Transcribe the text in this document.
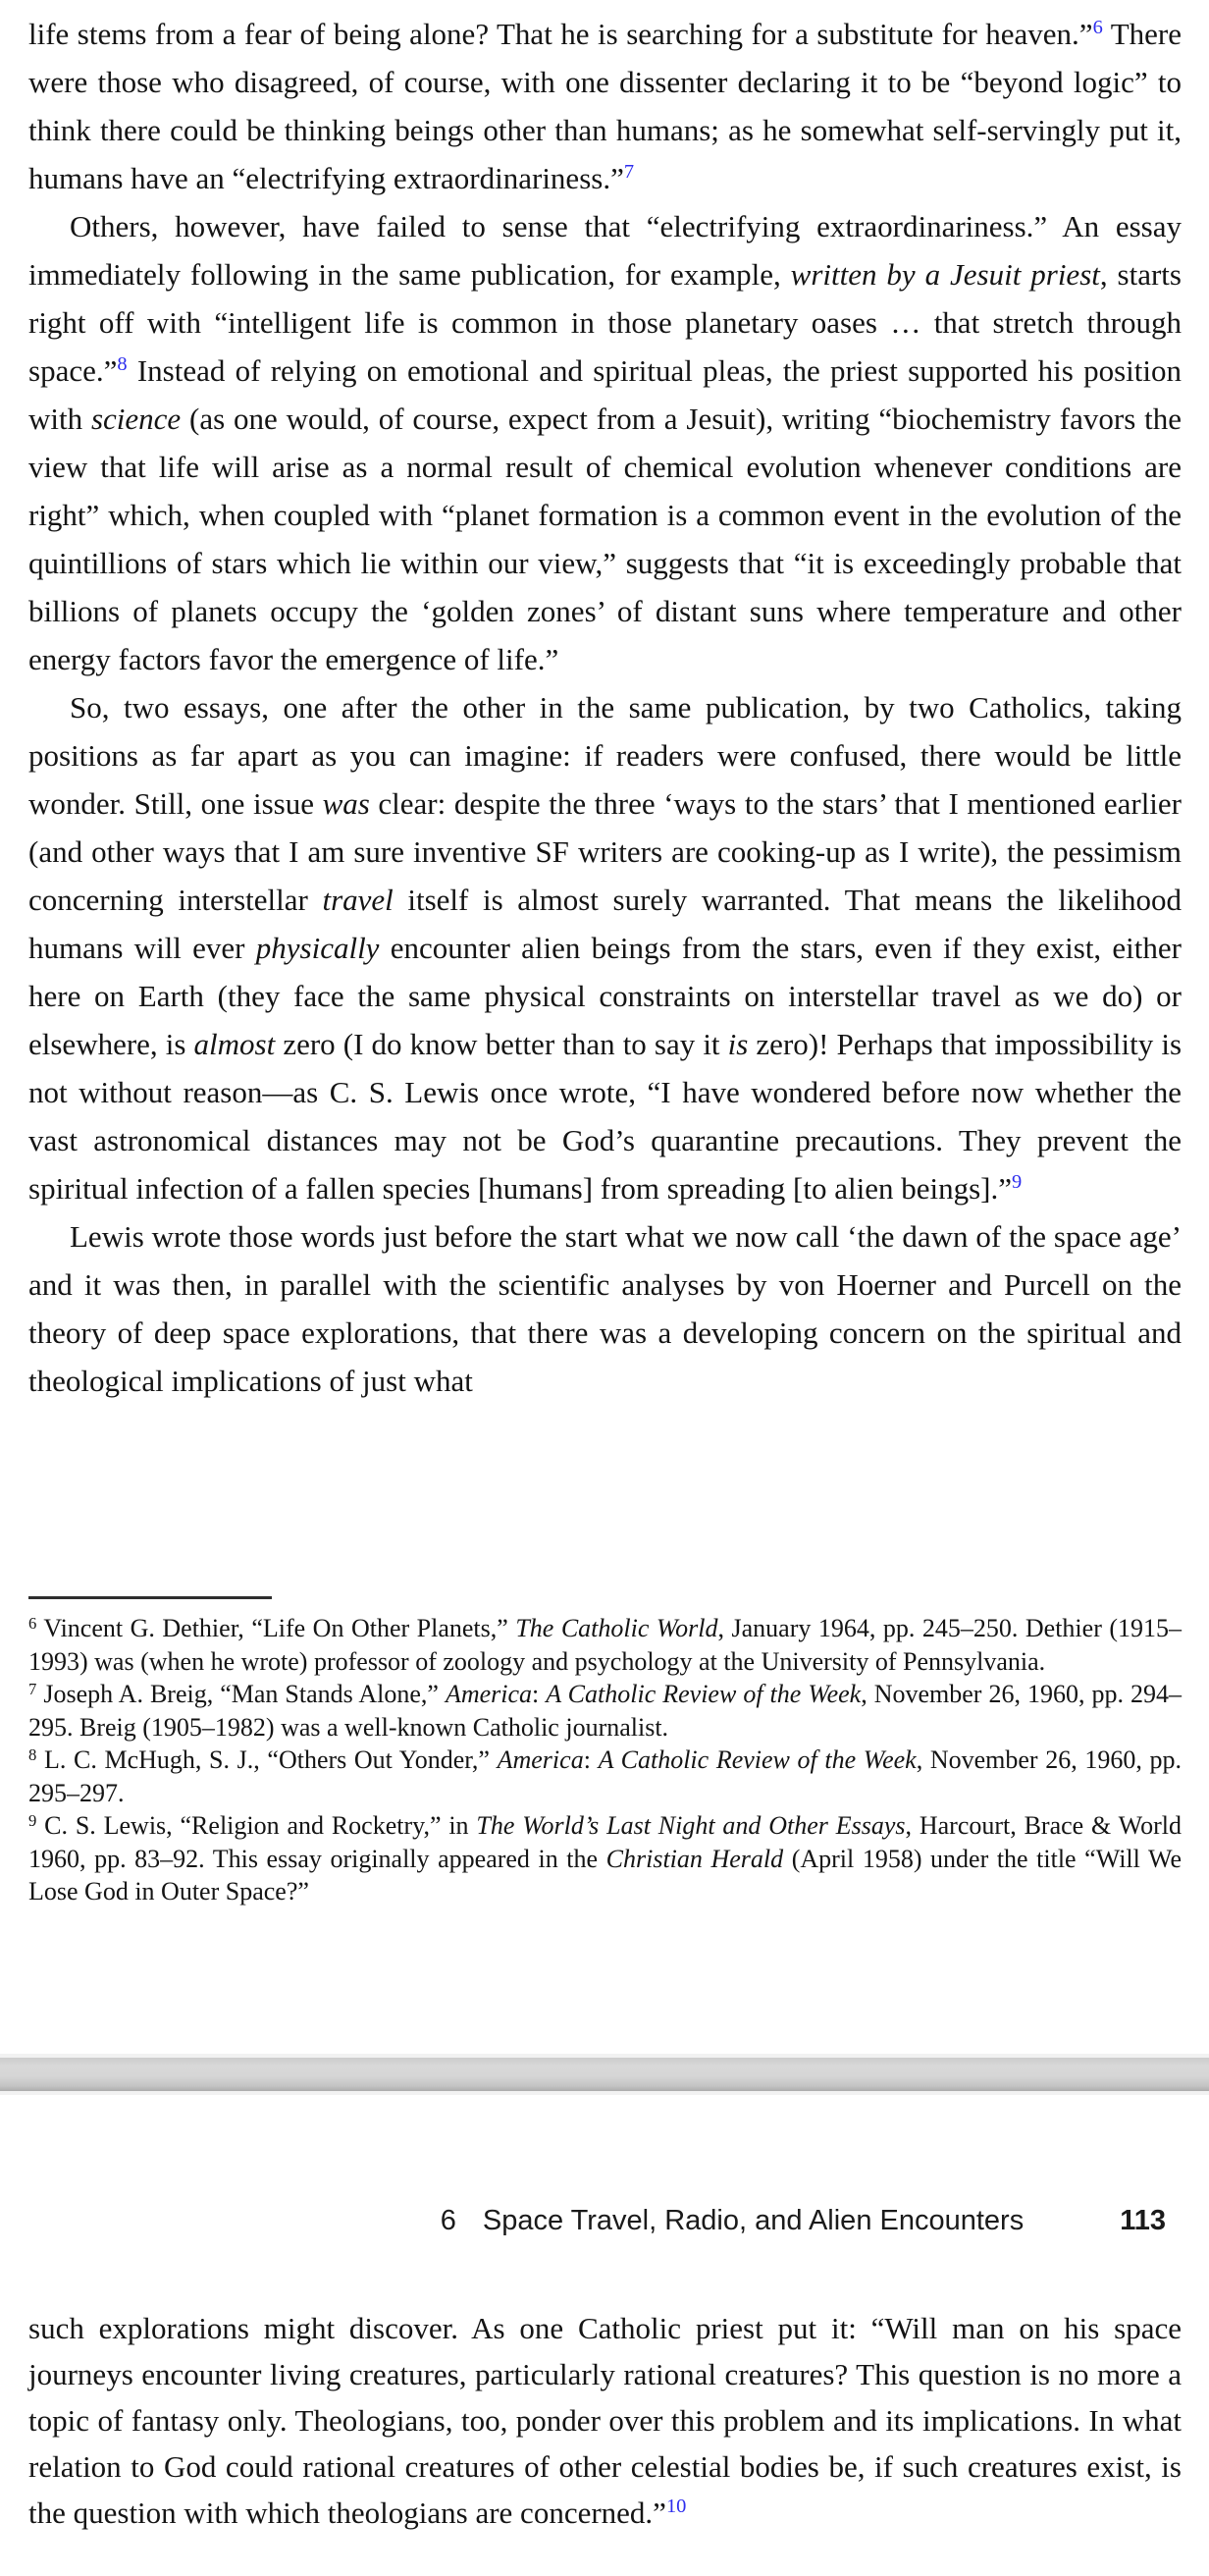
life stems from a fear of being alone? That he is searching for a substitute for heaven.”$^6$ There were those who disagreed, of course, with one dissenter declaring it to be “beyond logic” to think there could be thinking beings other than humans; as he somewhat self-servingly put it, humans have an “electrifying extraordinariness.”$^7$

Others, however, have failed to sense that “electrifying extraordinariness.” An essay immediately following in the same publication, for example, written by a Jesuit priest, starts right off with “intelligent life is common in those planetary oases … that stretch through space.”$^8$ Instead of relying on emotional and spiritual pleas, the priest supported his position with science (as one would, of course, expect from a Jesuit), writing “biochemistry favors the view that life will arise as a normal result of chemical evolution whenever conditions are right” which, when coupled with “planet formation is a common event in the evolution of the quintillions of stars which lie within our view,” suggests that “it is exceedingly probable that billions of planets occupy the ‘golden zones’ of distant suns where temperature and other energy factors favor the emergence of life.”

So, two essays, one after the other in the same publication, by two Catholics, taking positions as far apart as you can imagine: if readers were confused, there would be little wonder. Still, one issue was clear: despite the three ‘ways to the stars’ that I mentioned earlier (and other ways that I am sure inventive SF writers are cooking-up as I write), the pessimism concerning interstellar travel itself is almost surely warranted. That means the likelihood humans will ever physically encounter alien beings from the stars, even if they exist, either here on Earth (they face the same physical constraints on interstellar travel as we do) or elsewhere, is almost zero (I do know better than to say it is zero)! Perhaps that impossibility is not without reason—as C. S. Lewis once wrote, “I have wondered before now whether the vast astronomical distances may not be God’s quarantine precautions. They prevent the spiritual infection of a fallen species [humans] from spreading [to alien beings].”$^9$

Lewis wrote those words just before the start what we now call ‘the dawn of the space age’ and it was then, in parallel with the scientific analyses by von Hoerner and Purcell on the theory of deep space explorations, that there was a developing concern on the spiritual and theological implications of just what

$^6$ Vincent G. Dethier, “Life On Other Planets,” The Catholic World, January 1964, pp. 245–250. Dethier (1915–1993) was (when he wrote) professor of zoology and psychology at the University of Pennsylvania.

$^7$ Joseph A. Breig, “Man Stands Alone,” America: A Catholic Review of the Week, November 26, 1960, pp. 294–295. Breig (1905–1982) was a well-known Catholic journalist.

$^8$ L. C. McHugh, S. J., “Others Out Yonder,” America: A Catholic Review of the Week, November 26, 1960, pp. 295–297.

$^9$ C. S. Lewis, “Religion and Rocketry,” in The World’s Last Night and Other Essays, Harcourt, Brace & World 1960, pp. 83–92. This essay originally appeared in the Christian Herald (April 1958) under the title “Will We Lose God in Outer Space?”

6 Space Travel, Radio, and Alien Encounters	113

such explorations might discover. As one Catholic priest put it: “Will man on his space journeys encounter living creatures, particularly rational creatures? This question is no more a topic of fantasy only. Theologians, too, ponder over this problem and its implications. In what relation to God could rational creatures of other celestial bodies be, if such creatures exist, is the question with which theologians are concerned.”$^{10}$
